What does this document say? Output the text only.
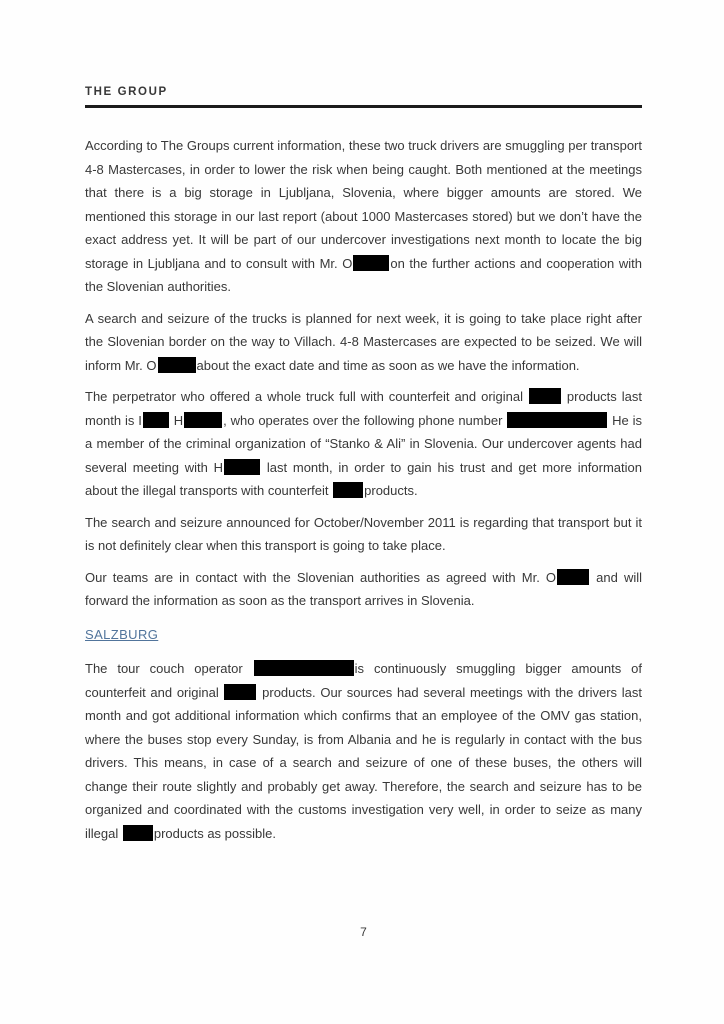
THE GROUP

According to The Groups current information, these two truck drivers are smuggling per transport 4-8 Mastercases, in order to lower the risk when being caught. Both mentioned at the meetings that there is a big storage in Ljubljana, Slovenia, where bigger amounts are stored. We mentioned this storage in our last report (about 1000 Mastercases stored) but we don’t have the exact address yet. It will be part of our undercover investigations next month to locate the big storage in Ljubljana and to consult with Mr. O	on the further actions and cooperation with the Slovenian authorities.

A search and seizure of the trucks is planned for next week, it is going to take place right after the Slovenian border on the way to Villach. 4-8 Mastercases are expected to be seized. We will inform Mr. O	about the exact date and time as soon as we have the information.

The perpetrator who offered a whole truck full with counterfeit and original	products last month is I H	, who operates over the following phone number	He is a member of the criminal organization of “Stanko & Ali” in Slovenia. Our undercover agents had several meeting with H	last month, in order to gain his trust and get more information about the illegal transports with counterfeit products.

The search and seizure announced for October/November 2011 is regarding that transport but it is not definitely clear when this transport is going to take place.

Our teams are in contact with the Slovenian authorities as agreed with Mr. O	and will forward the information as soon as the transport arrives in Slovenia.

SALZBURG

The tour couch operator	is continuously smuggling bigger amounts of counterfeit and original	products. Our sources had several meetings with the drivers last month and got additional information which confirms that an employee of the OMV gas station, where the buses stop every Sunday, is from Albania and he is regularly in contact with the bus drivers. This means, in case of a search and seizure of one of these buses, the others will change their route slightly and probably get away. Therefore, the search and seizure has to be organized and coordinated with the customs investigation very well, in order to seize as many illegal products as possible.

7
